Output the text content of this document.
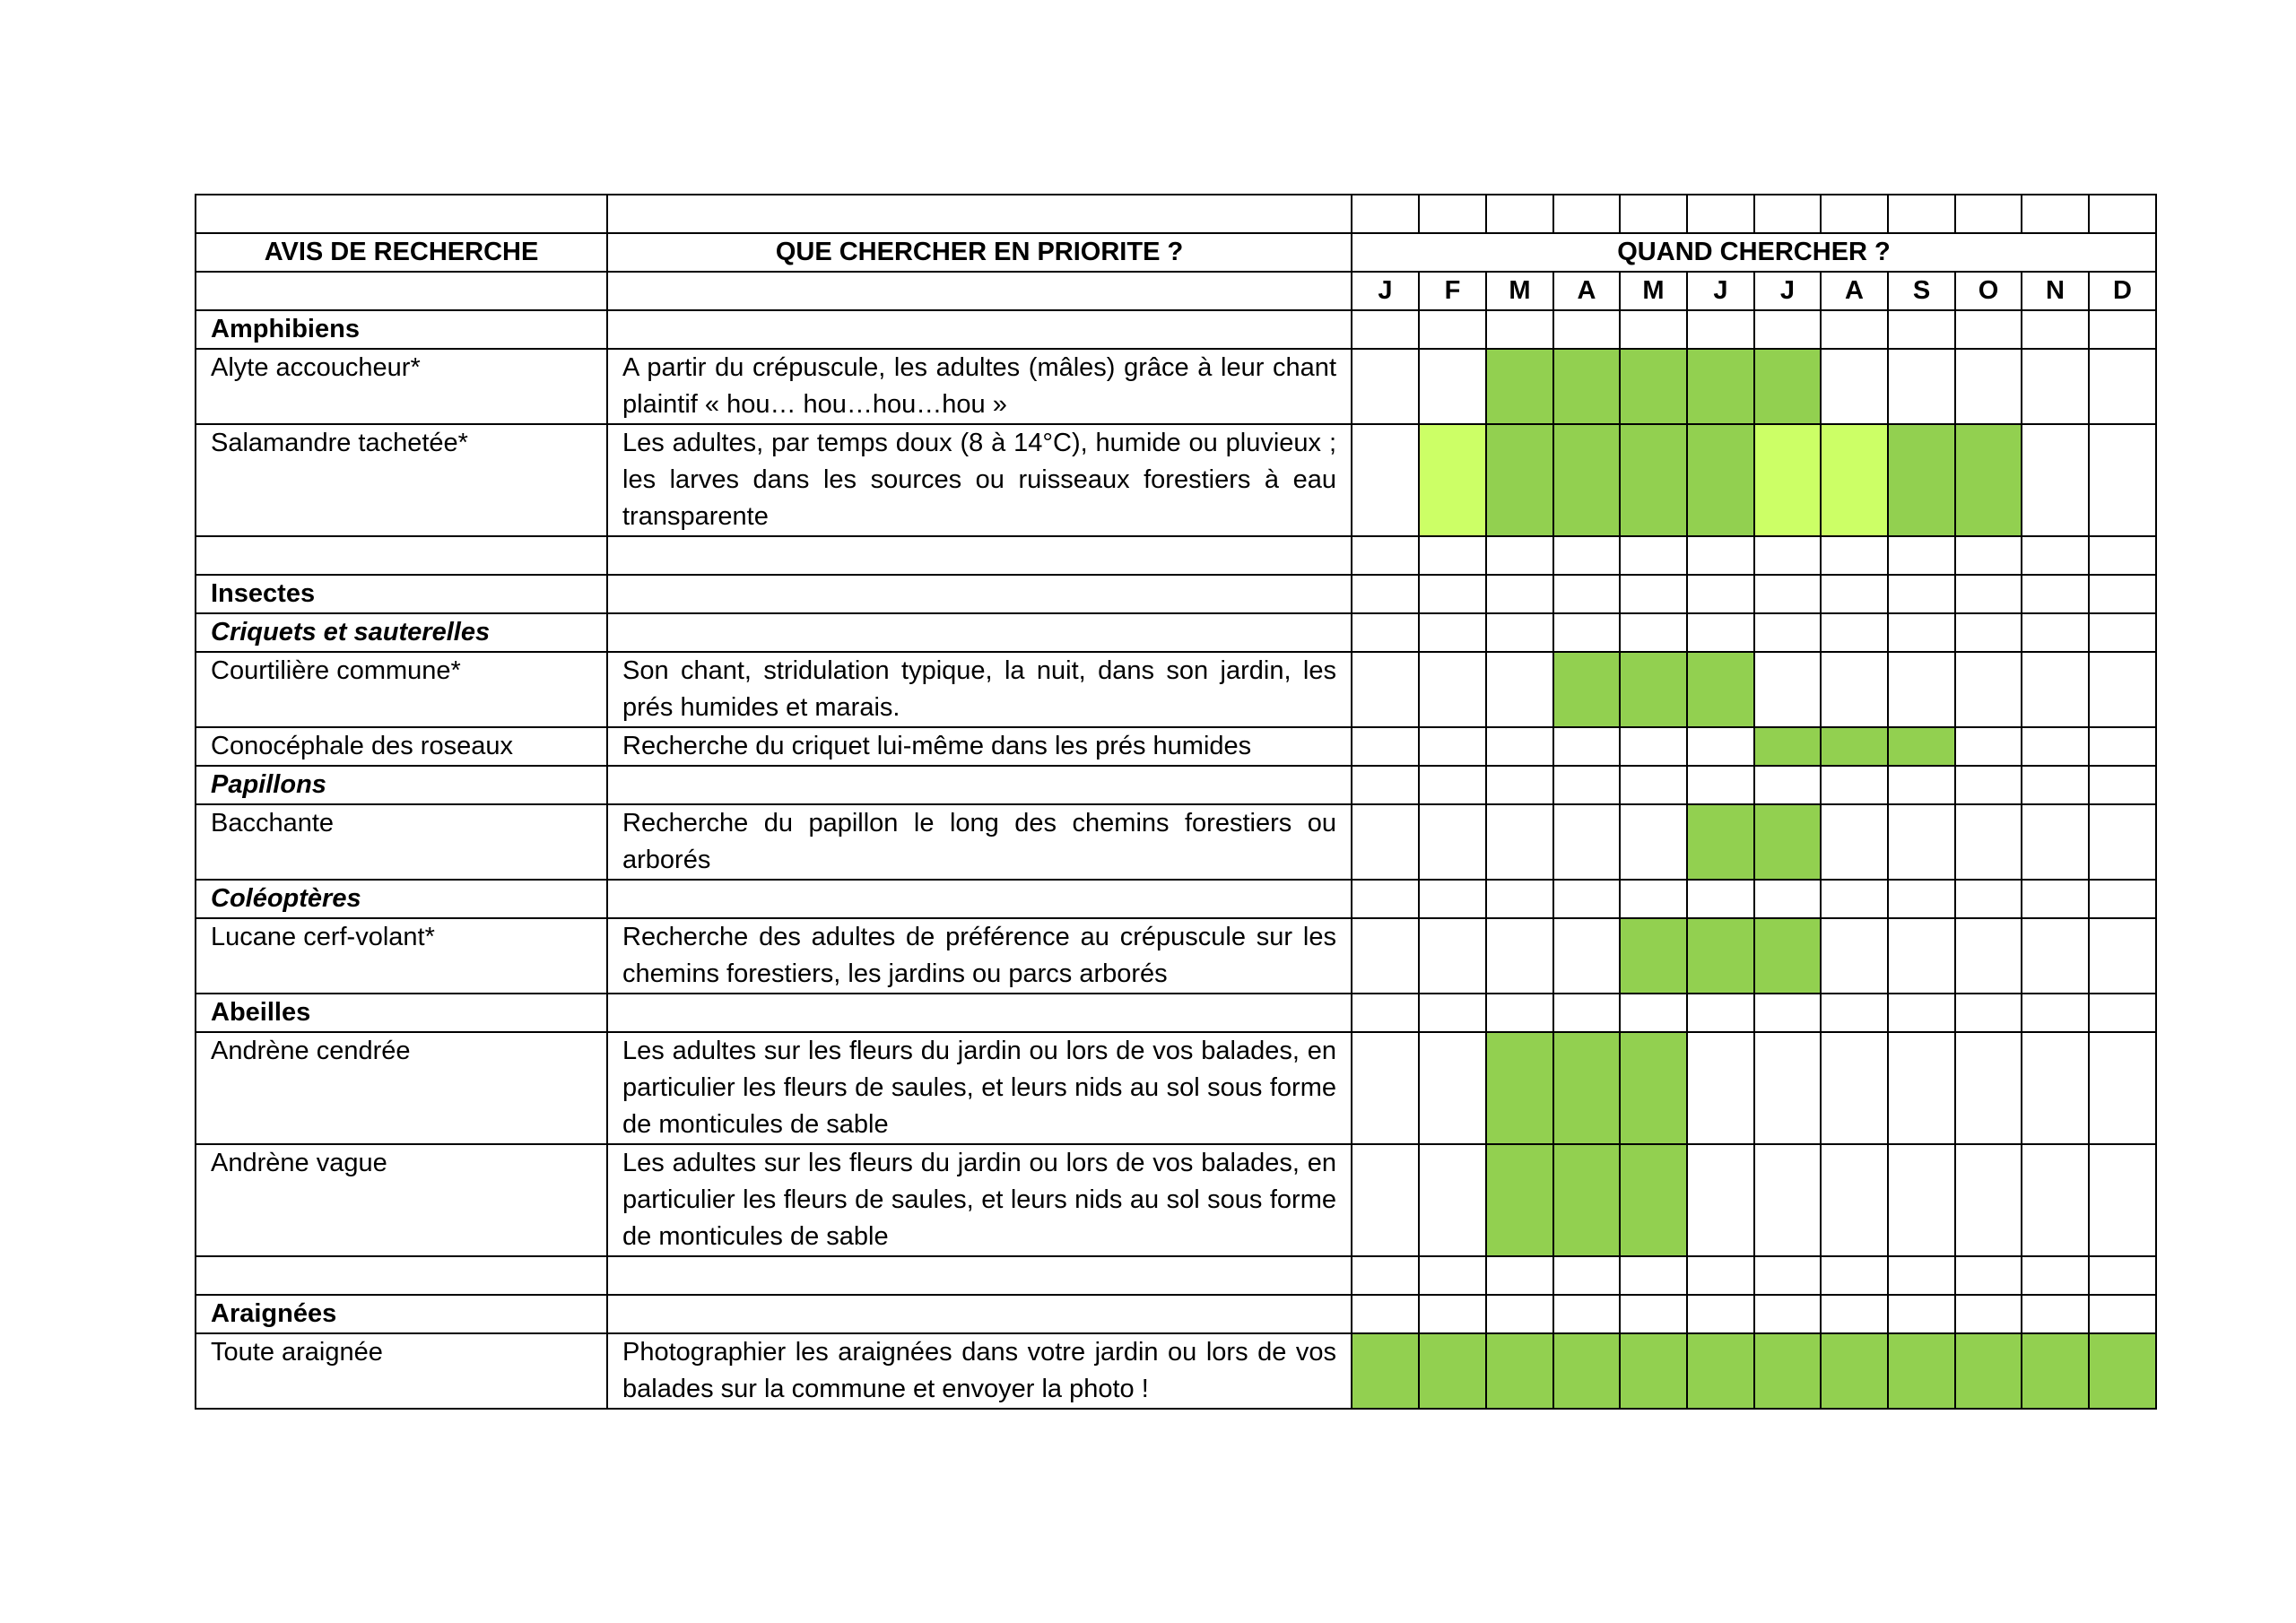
AVIS DE RECHERCHE	QUE CHERCHER EN PRIORITE ?	QUAND CHERCHER ?											
		J	F	M	A	M	J	J	A	S	O	N	D
Amphibiens													
Alyte accoucheur*	A partir du crépuscule, les adultes (mâles) grâce à leur chant plaintif « hou… hou…hou…hou »												
Salamandre tachetée*	Les adultes, par temps doux (8 à 14°C), humide ou pluvieux ; les larves dans les sources ou ruisseaux forestiers à eau transparente												

Insectes													
Criquets et sauterelles													
Courtilière commune*	Son chant, stridulation typique, la nuit, dans son jardin, les prés humides et marais.												
Conocéphale des roseaux	Recherche du criquet lui-même dans les prés humides												
Papillons													
Bacchante	Recherche du papillon le long des chemins forestiers ou arborés												
Coléoptères													
Lucane cerf-volant*	Recherche des adultes de préférence au crépuscule sur les chemins forestiers, les jardins ou parcs arborés												
Abeilles													
Andrène cendrée	Les adultes sur les fleurs du jardin ou lors de vos balades, en particulier les fleurs de saules, et leurs nids au sol sous forme de monticules de sable												
Andrène vague	Les adultes sur les fleurs du jardin ou lors de vos balades, en particulier les fleurs de saules, et leurs nids au sol sous forme de monticules de sable												

Araignées													
Toute araignée	Photographier les araignées dans votre jardin ou lors de vos balades sur la commune et envoyer la photo !												
